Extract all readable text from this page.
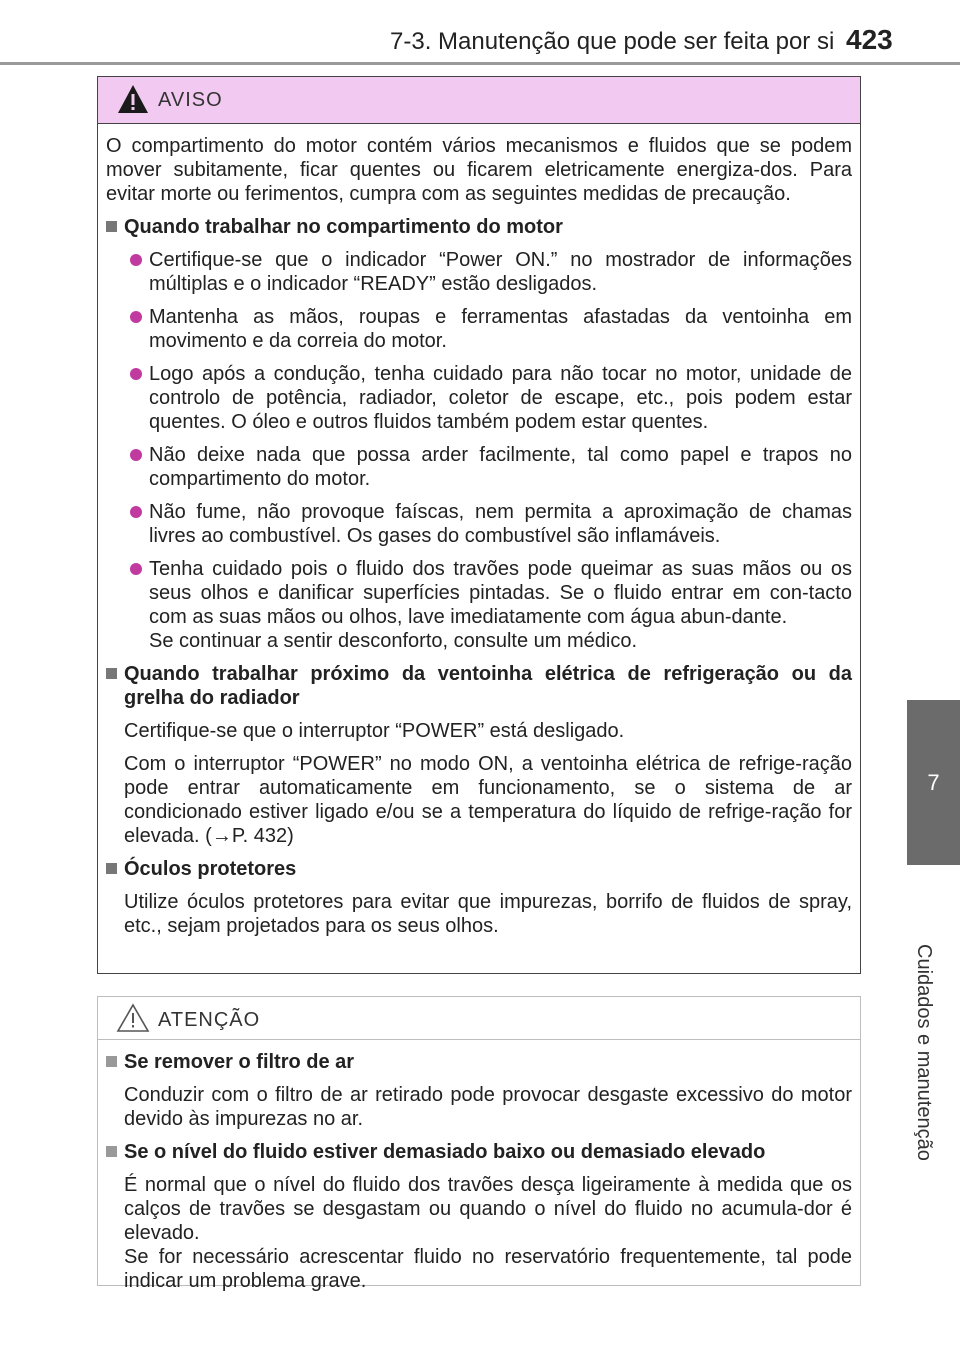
7-3. Manutenção que pode ser feita por si 423
7
Cuidados e manutenção
AVISO

O compartimento do motor contém vários mecanismos e fluidos que se podem mover subitamente, ficar quentes ou ficarem eletricamente energiza-dos. Para evitar morte ou ferimentos, cumpra com as seguintes medidas de precaução.

Quando trabalhar no compartimento do motor

Certifique-se que o indicador “Power ON.” no mostrador de informações múltiplas e o indicador “READY” estão desligados.

Mantenha as mãos, roupas e ferramentas afastadas da ventoinha em movimento e da correia do motor.

Logo após a condução, tenha cuidado para não tocar no motor, unidade de controlo de potência, radiador, coletor de escape, etc., pois podem estar quentes. O óleo e outros fluidos também podem estar quentes.

Não deixe nada que possa arder facilmente, tal como papel e trapos no compartimento do motor.

Não fume, não provoque faíscas, nem permita a aproximação de chamas livres ao combustível. Os gases do combustível são inflamáveis.

Tenha cuidado pois o fluido dos travões pode queimar as suas mãos ou os seus olhos e danificar superfícies pintadas. Se o fluido entrar em con-tacto com as suas mãos ou olhos, lave imediatamente com água abun-dante.

Se continuar a sentir desconforto, consulte um médico.

Quando trabalhar próximo da ventoinha elétrica de refrigeração ou da grelha do radiador

Certifique-se que o interruptor “POWER” está desligado.

Com o interruptor “POWER” no modo ON, a ventoinha elétrica de refrige-ração pode entrar automaticamente em funcionamento, se o sistema de ar condicionado estiver ligado e/ou se a temperatura do líquido de refrige-ração for elevada. (→P. 432)

Óculos protetores

Utilize óculos protetores para evitar que impurezas, borrifo de fluidos de spray, etc., sejam projetados para os seus olhos.

ATENÇÃO
Se remover o filtro de ar

Conduzir com o filtro de ar retirado pode provocar desgaste excessivo do motor devido às impurezas no ar.

Se o nível do fluido estiver demasiado baixo ou demasiado elevado

É normal que o nível do fluido dos travões desça ligeiramente à medida que os calços de travões se desgastam ou quando o nível do fluido no acumula-dor é elevado.

Se for necessário acrescentar fluido no reservatório frequentemente, tal pode indicar um problema grave.
